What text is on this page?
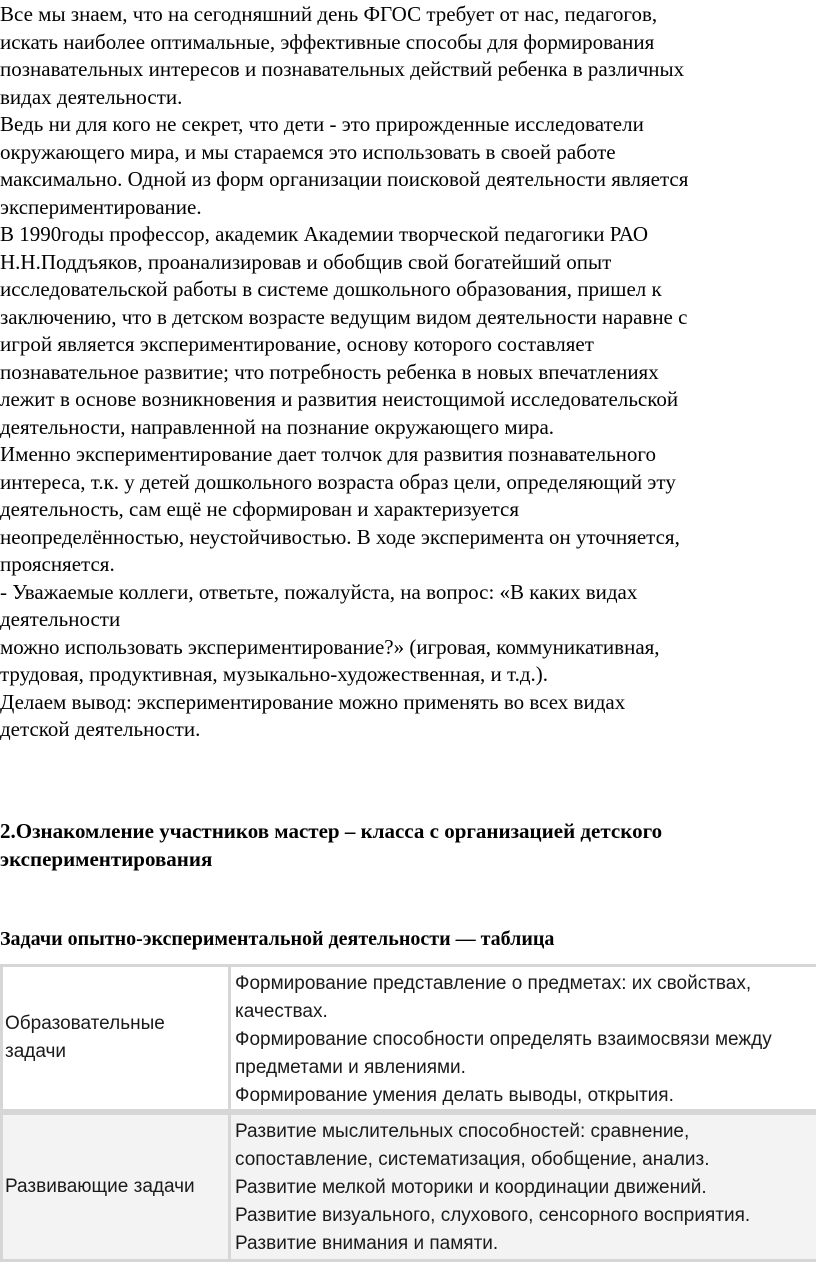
Все мы знаем, что на сегодняшний день ФГОС требует от нас, педагогов,
искать наиболее оптимальные, эффективные способы для формирования
познавательных интересов и познавательных действий ребенка в различных
видах деятельности.
Ведь ни для кого не секрет, что дети - это прирожденные исследователи
окружающего мира, и мы стараемся это использовать в своей работе
максимально. Одной из форм организации поисковой деятельности является
экспериментирование.
В 1990годы профессор, академик Академии творческой педагогики РАО
Н.Н.Поддъяков, проанализировав и обобщив свой богатейший опыт
исследовательской работы в системе дошкольного образования, пришел к
заключению, что в детском возрасте ведущим видом деятельности наравне с
игрой является экспериментирование, основу которого составляет
познавательное развитие; что потребность ребенка в новых впечатлениях
лежит в основе возникновения и развития неистощимой исследовательской
деятельности, направленной на познание окружающего мира.
Именно экспериментирование дает толчок для развития познавательного
интереса, т.к. у детей дошкольного возраста образ цели, определяющий эту
деятельность, сам ещё не сформирован и характеризуется
неопределённостью, неустойчивостью. В ходе эксперимента он уточняется,
проясняется.
- Уважаемые коллеги, ответьте, пожалуйста, на вопрос: «В каких видах
деятельности
можно использовать экспериментирование?» (игровая, коммуникативная,
трудовая, продуктивная, музыкально-художественная, и т.д.).
Делаем вывод: экспериментирование можно применять во всех видах
детской деятельности.
2.Ознакомление участников мастер – класса с организацией детского
экспериментирования
Задачи опытно-экспериментальной деятельности — таблица
Образовательные
задачи
Формирование представление о предметах: их свойствах,
качествах.
Формирование способности определять взаимосвязи между
предметами и явлениями.
Формирование умения делать выводы, открытия.
Развивающие задачи
Развитие мыслительных способностей: сравнение,
сопоставление, систематизация, обобщение, анализ.
Развитие мелкой моторики и координации движений.
Развитие визуального, слухового, сенсорного восприятия.
Развитие внимания и памяти.
